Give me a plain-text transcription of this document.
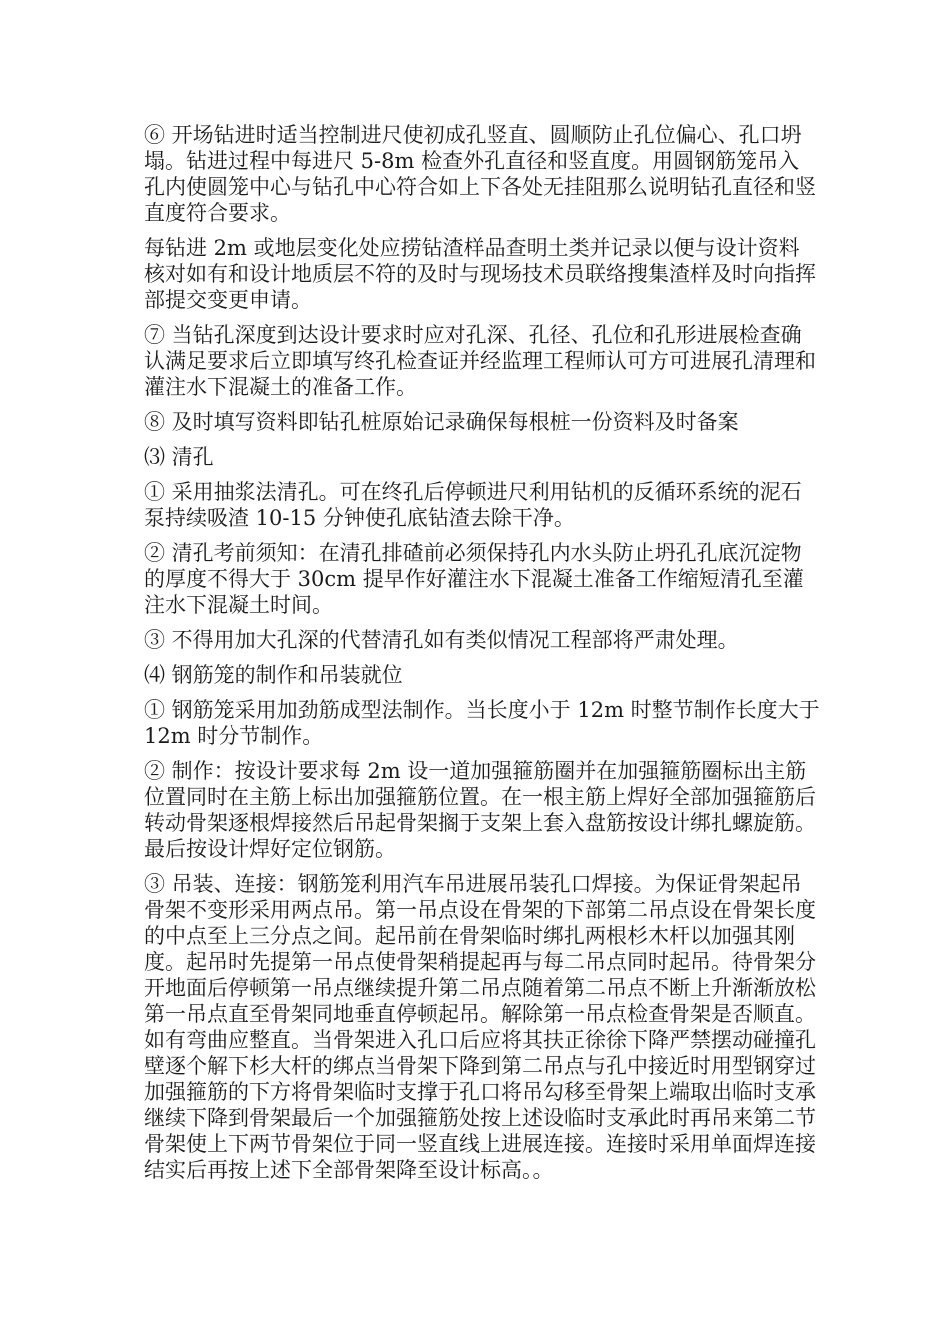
⑥ 开场钻进时适当控制进尺使初成孔竖直、圆顺防止孔位偏心、孔口坍塌。钻进过程中每进尺 5-8m 检查外孔直径和竖直度。用圆钢筋笼吊入孔内使圆笼中心与钻孔中心符合如上下各处无挂阻那么说明钻孔直径和竖直度符合要求。

每钻进 2m 或地层变化处应捞钻渣样品查明土类并记录以便与设计资料核对如有和设计地质层不符的及时与现场技术员联络搜集渣样及时向指挥部提交变更申请。

⑦ 当钻孔深度到达设计要求时应对孔深、孔径、孔位和孔形进展检查确认满足要求后立即填写终孔检查证并经监理工程师认可方可进展孔清理和灌注水下混凝土的准备工作。

⑧ 及时填写资料即钻孔桩原始记录确保每根桩一份资料及时备案

⑶ 清孔

① 采用抽浆法清孔。可在终孔后停顿进尺利用钻机的反循环系统的泥石泵持续吸渣 10-15 分钟使孔底钻渣去除干净。

② 清孔考前须知：在清孔排碴前必须保持孔内水头防止坍孔孔底沉淀物的厚度不得大于 30cm 提早作好灌注水下混凝土准备工作缩短清孔至灌注水下混凝土时间。

③ 不得用加大孔深的代替清孔如有类似情况工程部将严肃处理。

⑷ 钢筋笼的制作和吊装就位

① 钢筋笼采用加劲筋成型法制作。当长度小于 12m 时整节制作长度大于 12m 时分节制作。

② 制作：按设计要求每 2m 设一道加强箍筋圈并在加强箍筋圈标出主筋位置同时在主筋上标出加强箍筋位置。在一根主筋上焊好全部加强箍筋后转动骨架逐根焊接然后吊起骨架搁于支架上套入盘筋按设计绑扎螺旋筋。最后按设计焊好定位钢筋。

③ 吊装、连接：钢筋笼利用汽车吊进展吊装孔口焊接。为保证骨架起吊骨架不变形采用两点吊。第一吊点设在骨架的下部第二吊点设在骨架长度的中点至上三分点之间。起吊前在骨架临时绑扎两根杉木杆以加强其刚度。起吊时先提第一吊点使骨架稍提起再与每二吊点同时起吊。待骨架分开地面后停顿第一吊点继续提升第二吊点随着第二吊点不断上升渐渐放松第一吊点直至骨架同地垂直停顿起吊。解除第一吊点检查骨架是否顺直。如有弯曲应整直。当骨架进入孔口后应将其扶正徐徐下降严禁摆动碰撞孔壁逐个解下杉大杆的绑点当骨架下降到第二吊点与孔中接近时用型钢穿过加强箍筋的下方将骨架临时支撑于孔口将吊勾移至骨架上端取出临时支承继续下降到骨架最后一个加强箍筋处按上述设临时支承此时再吊来第二节骨架使上下两节骨架位于同一竖直线上进展连接。连接时采用单面焊连接结实后再按上述下全部骨架降至设计标高。。
